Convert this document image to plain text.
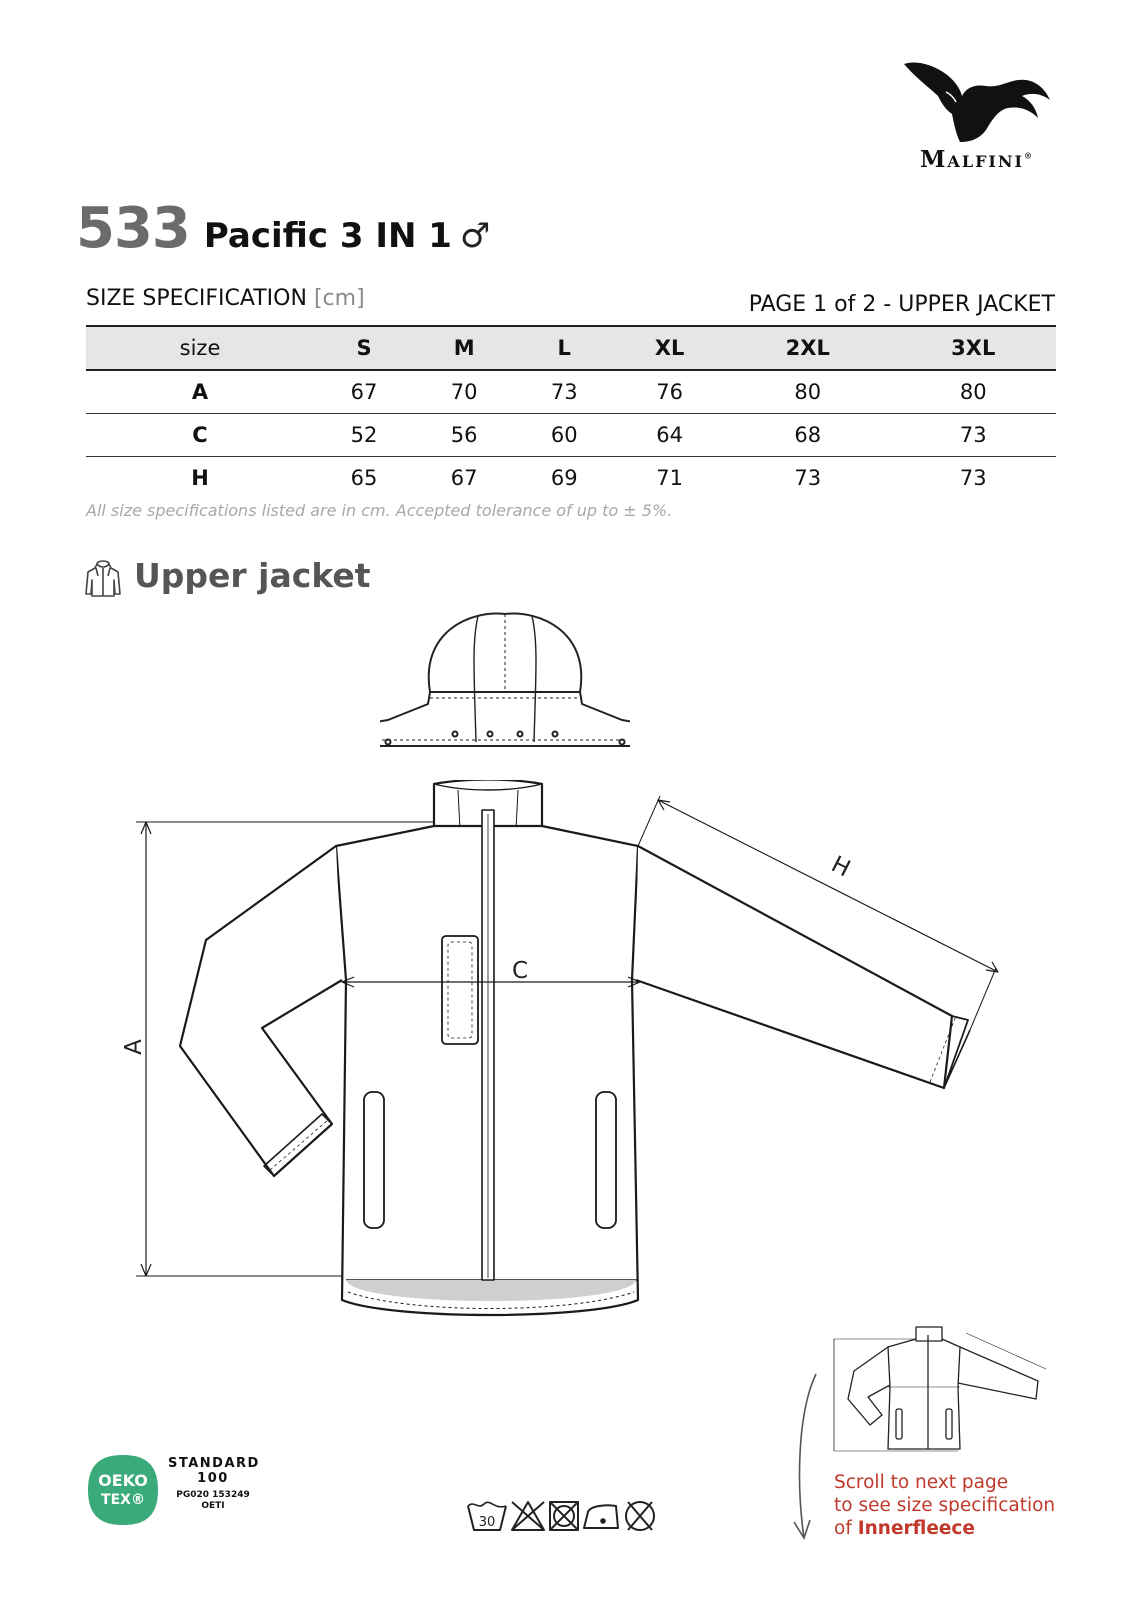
Malfini®
533 Pacific 3 IN 1 ♂
SIZE SPECIFICATION [cm]	PAGE 1 of 2 - UPPER JACKET
size	S	M	L	XL	2XL	3XL
A	67	70	73	76	80	80
C	52	56	60	64	68	73
H	65	67	69	71	73	73
All size specifications listed are in cm. Accepted tolerance of up to ± 5%.
Upper jacket
A
C
H
OEKO
TEX®
STANDARD
100
PG020 153249
OETI
30
Scroll to next page
to see size specification
of Innerfleece
